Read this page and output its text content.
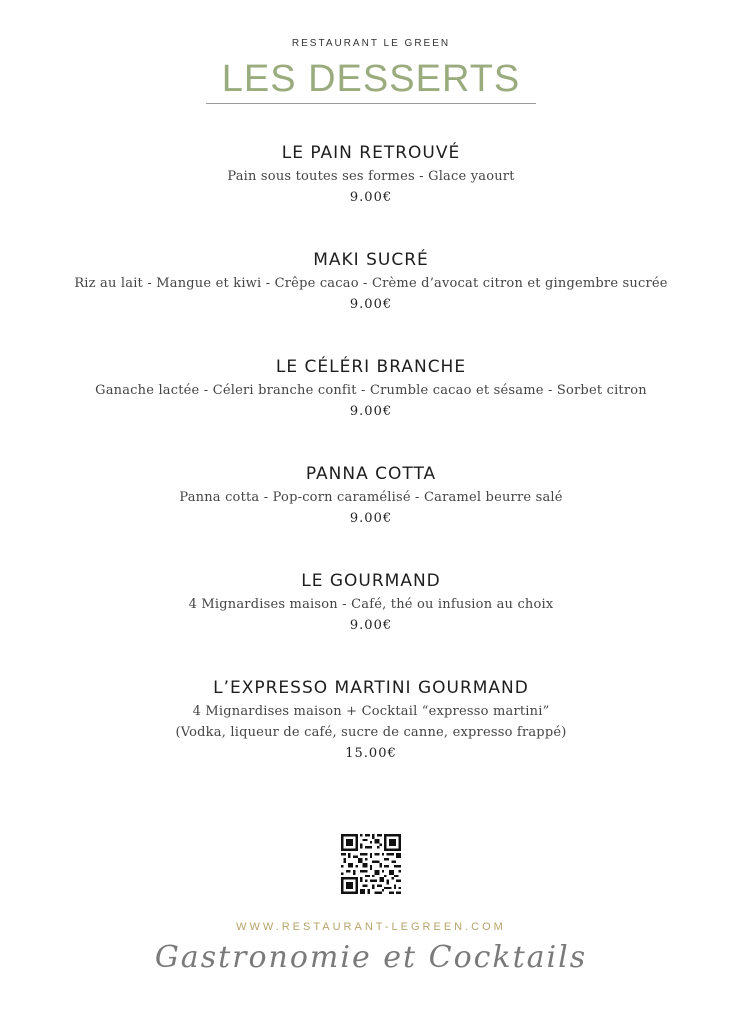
RESTAURANT LE GREEN
LES DESSERTS
LE PAIN RETROUVÉ
Pain sous toutes ses formes - Glace yaourt
9.00€
MAKI SUCRÉ
Riz au lait - Mangue et kiwi - Crêpe cacao - Crème d’avocat citron et gingembre sucrée
9.00€
LE CÉLÉRI BRANCHE
Ganache lactée - Céleri branche confit - Crumble cacao et sésame - Sorbet citron
9.00€
PANNA COTTA
Panna cotta - Pop-corn caramélisé - Caramel beurre salé
9.00€
LE GOURMAND
4 Mignardises maison - Café, thé ou infusion au choix
9.00€
L’EXPRESSO MARTINI GOURMAND
4 Mignardises maison + Cocktail “expresso martini”
(Vodka, liqueur de café, sucre de canne, expresso frappé)
15.00€
WWW.RESTAURANT-LEGREEN.COM
Gastronomie et Cocktails
